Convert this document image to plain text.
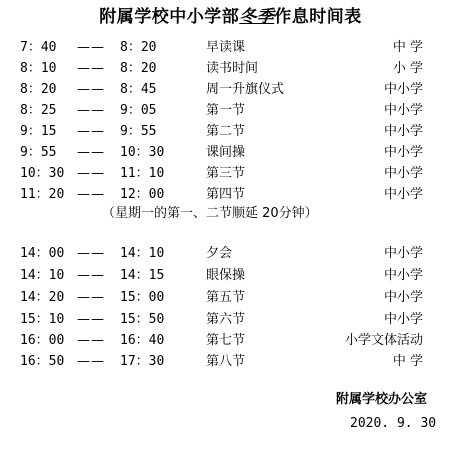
附属学校中小学部冬季作息时间表
7：40	——	8：20	早读课	中 学
8：10	——	8：20	读书时间	小 学
8：20	——	8：45	周一升旗仪式	中小学
8：25	——	9：05	第一节	中小学
9：15	——	9：55	第二节	中小学
9：55	——	10：30	课间操	中小学
10：30 ——	11：10	第三节	中小学
11：20 ——	12：00	第四节	中小学
（星期一的第一、二节顺延 20分钟）
14：00 ——	14：10	夕会	中小学
14：10 ——	14：15	眼保操	中小学
14：20 ——	15：00	第五节	中小学
15：10 ——	15：50	第六节	中小学
16：00 ——	16：40	第七节	小学文体活动
16：50 ——	17：30	第八节	中 学
附属学校办公室
2020. 9. 30
